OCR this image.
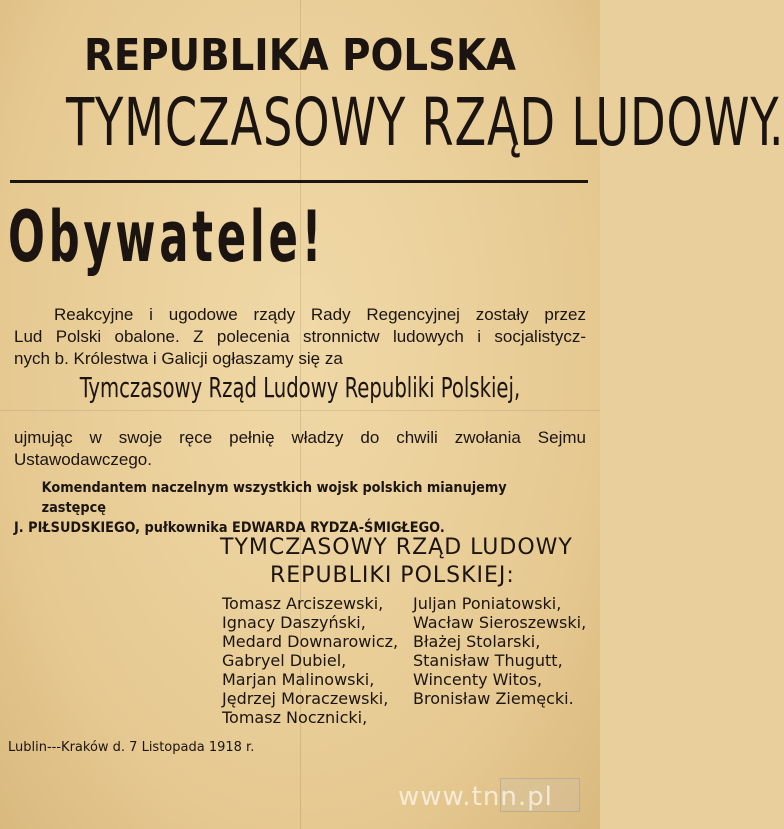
REPUBLIKA POLSKA
TYMCZASOWY RZĄD LUDOWY.
Obywatele!
Reakcyjne i ugodowe rządy Rady Regencyjnej zostały przez
Lud Polski obalone. Z polecenia stronnictw ludowych i socjalistycz-
nych b. Królestwa i Galicji ogłaszamy się za
Tymczasowy Rząd Ludowy Republiki Polskiej,
ujmując w swoje ręce pełnię władzy do chwili zwołania Sejmu
Ustawodawczego.
Komendantem naczelnym wszystkich wojsk polskich mianujemy zastępcę
J. PIŁSUDSKIEGO, pułkownika EDWARDA RYDZA-ŚMIGŁEGO.
TYMCZASOWY RZĄD LUDOWY
REPUBLIKI POLSKIEJ:
Tomasz Arciszewski,
Ignacy Daszyński,
Medard Downarowicz,
Gabryel Dubiel,
Marjan Malinowski,
Jędrzej Moraczewski,
Tomasz Nocznicki,
Juljan Poniatowski,
Wacław Sieroszewski,
Błażej Stolarski,
Stanisław Thugutt,
Wincenty Witos,
Bronisław Ziemęcki.
Lublin---Kraków d. 7 Listopada 1918 r.
www.tnn.pl
